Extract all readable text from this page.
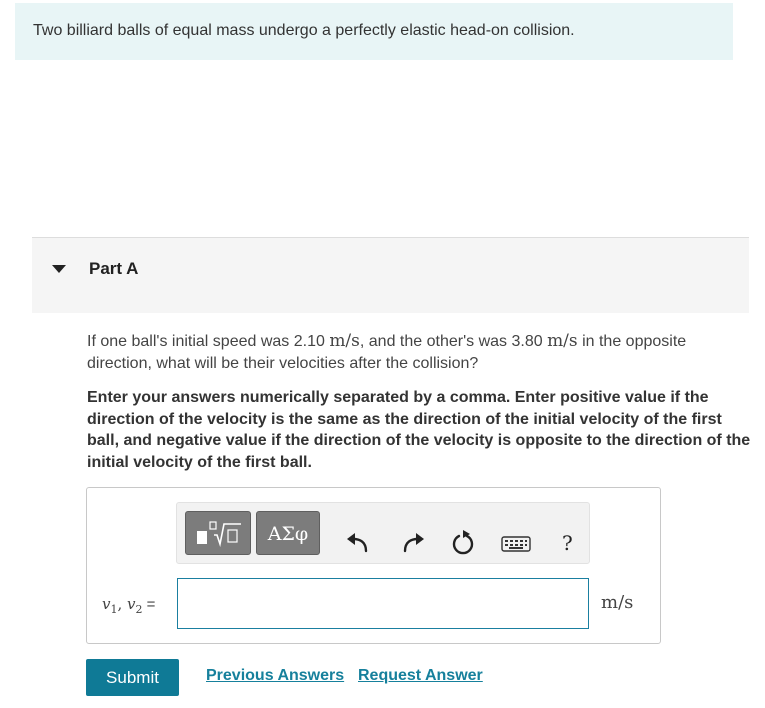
Two billiard balls of equal mass undergo a perfectly elastic head-on collision.
Part A
If one ball's initial speed was 2.10 m/s, and the other's was 3.80 m/s in the opposite direction, what will be their velocities after the collision?
Enter your answers numerically separated by a comma. Enter positive value if the direction of the velocity is the same as the direction of the initial velocity of the first ball, and negative value if the direction of the velocity is opposite to the direction of the initial velocity of the first ball.
ΑΣφ	?
$v_1$, $v_2$ =	m/s
Submit	Previous Answers Request Answer
